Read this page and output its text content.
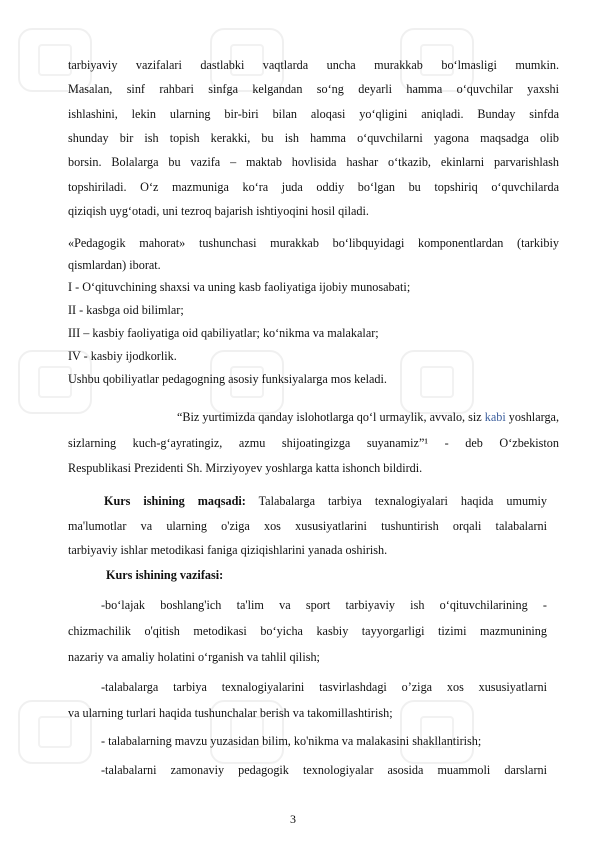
tarbiyaviy vazifalari dastlabki vaqtlarda uncha murakkab bo‘lmasligi mumkin.
Masalan, sinf rahbari sinfga kelgandan so‘ng deyarli hamma o‘quvchilar yaxshi
ishlashini, lekin ularning bir-biri bilan aloqasi yo‘qligini aniqladi. Bunday sinfda
shunday bir ish topish kerakki, bu ish hamma o‘quvchilarni yagona maqsadga olib
borsin. Bolalarga bu vazifa – maktab hovlisida hashar o‘tkazib, ekinlarni parvarishlash
topshiriladi. O‘z mazmuniga ko‘ra juda oddiy bo‘lgan bu topshiriq o‘quvchilarda
qiziqish uyg‘otadi, uni tezroq bajarish ishtiyoqini hosil qiladi.
«Pedagogik mahorat» tushunchasi murakkab bo‘libquyidagi komponentlardan (tarkibiy
qismlardan) iborat.
I - O‘qituvchining shaxsi va uning kasb faoliyatiga ijobiy munosabati;
II - kasbga oid bilimlar;
III – kasbiy faoliyatiga oid qabiliyatlar; ko‘nikma va malakalar;
IV - kasbiy ijodkorlik.
Ushbu qobiliyatlar pedagogning asosiy funksiyalarga mos keladi.
“Biz yurtimizda qanday islohotlarga qo‘l urmaylik, avvalo, siz kabi yoshlarga,
sizlarning kuch-g‘ayratingiz, azmu shijoatingizga suyanamiz”¹ - deb O‘zbekiston
Respublikasi Prezidenti Sh. Mirziyoyev yoshlarga katta ishonch bildirdi.
Kurs ishining maqsadi: Talabalarga tarbiya texnalogiyalari haqida umumiy
ma'lumotlar va ularning o'ziga xos xususiyatlarini tushuntirish orqali talabalarni
tarbiyaviy ishlar metodikasi faniga qiziqishlarini yanada oshirish.
Kurs ishining vazifasi:
-bo‘lajak boshlang'ich ta'lim va sport tarbiyaviy ish o‘qituvchilarining -
chizmachilik o'qitish metodikasi bo‘yicha kasbiy tayyorgarligi tizimi mazmunining
nazariy va amaliy holatini o‘rganish va tahlil qilish;
-talabalarga tarbiya texnalogiyalarini tasvirlashdagi o’ziga xos xususiyatlarni
va ularning turlari haqida tushunchalar berish va takomillashtirish;
- talabalarning mavzu yuzasidan bilim, ko'nikma va malakasini shakllantirish;
-talabalarni zamonaviy pedagogik texnologiyalar asosida muammoli darslarni
3
